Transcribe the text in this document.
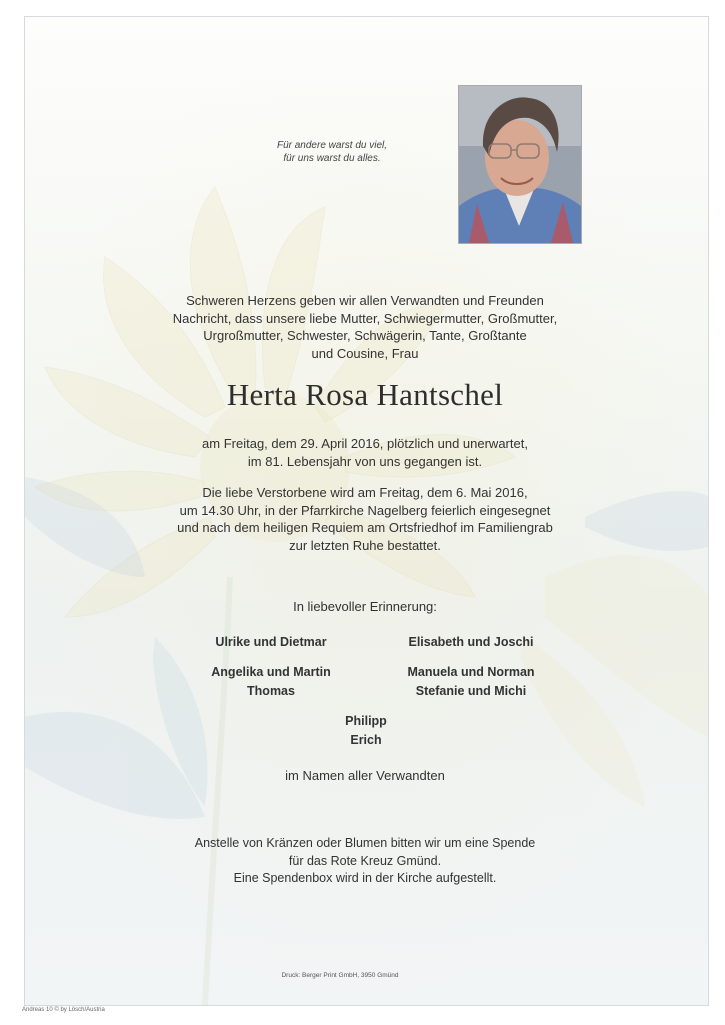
Für andere warst du viel,
für uns warst du alles.
Schweren Herzens geben wir allen Verwandten und Freunden
Nachricht, dass unsere liebe Mutter, Schwiegermutter, Großmutter,
Urgroßmutter, Schwester, Schwägerin, Tante, Großtante
und Cousine, Frau
Herta Rosa Hantschel
am Freitag, dem 29. April 2016, plötzlich und unerwartet,
im 81. Lebensjahr von uns gegangen ist.
Die liebe Verstorbene wird am Freitag, dem 6. Mai 2016,
um 14.30 Uhr, in der Pfarrkirche Nagelberg feierlich eingesegnet
und nach dem heiligen Requiem am Ortsfriedhof im Familiengrab
zur letzten Ruhe bestattet.
In liebevoller Erinnerung:
Ulrike und Dietmar	Elisabeth und Joschi
Angelika und Martin
Thomas
Manuela und Norman
Stefanie und Michi
Philipp
Erich
im Namen aller Verwandten
Anstelle von Kränzen oder Blumen bitten wir um eine Spende
für das Rote Kreuz Gmünd.
Eine Spendenbox wird in der Kirche aufgestellt.
Druck: Berger Print GmbH, 3950 Gmünd
Andreas 10 © by Lösch/Austria
